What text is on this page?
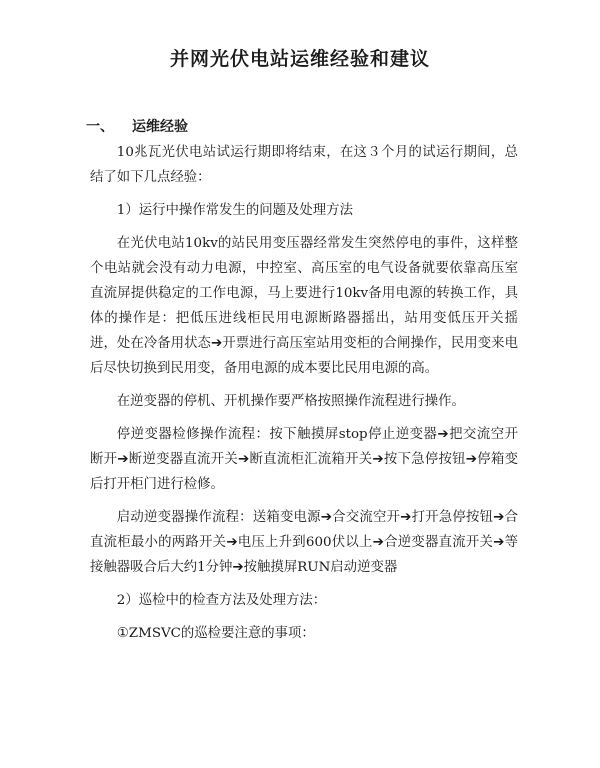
并网光伏电站运维经验和建议
一、 运维经验

10兆瓦光伏电站试运行期即将结束，在这３个月的试运行期间，总结了如下几点经验：

1）运行中操作常发生的问题及处理方法

在光伏电站10kv的站民用变压器经常发生突然停电的事件，这样整个电站就会没有动力电源，中控室、高压室的电气设备就要依靠高压室直流屏提供稳定的工作电源，马上要进行10kv备用电源的转换工作，具体的操作是：把低压进线柜民用电源断路器摇出，站用变低压开关摇进，处在冷备用状态➔开票进行高压室站用变柜的合闸操作，民用变来电后尽快切换到民用变，备用电源的成本要比民用电源的高。

在逆变器的停机、开机操作要严格按照操作流程进行操作。

停逆变器检修操作流程：按下触摸屏stop停止逆变器➔把交流空开断开➔断逆变器直流开关➔断直流柜汇流箱开关➔按下急停按钮➔停箱变后打开柜门进行检修。

启动逆变器操作流程：送箱变电源➔合交流空开➔打开急停按钮➔合直流柜最小的两路开关➔电压上升到600伏以上➔合逆变器直流开关➔等接触器吸合后大约1分钟➔按触摸屏RUN启动逆变器

2）巡检中的检查方法及处理方法：

①ZMSVC的巡检要注意的事项：
